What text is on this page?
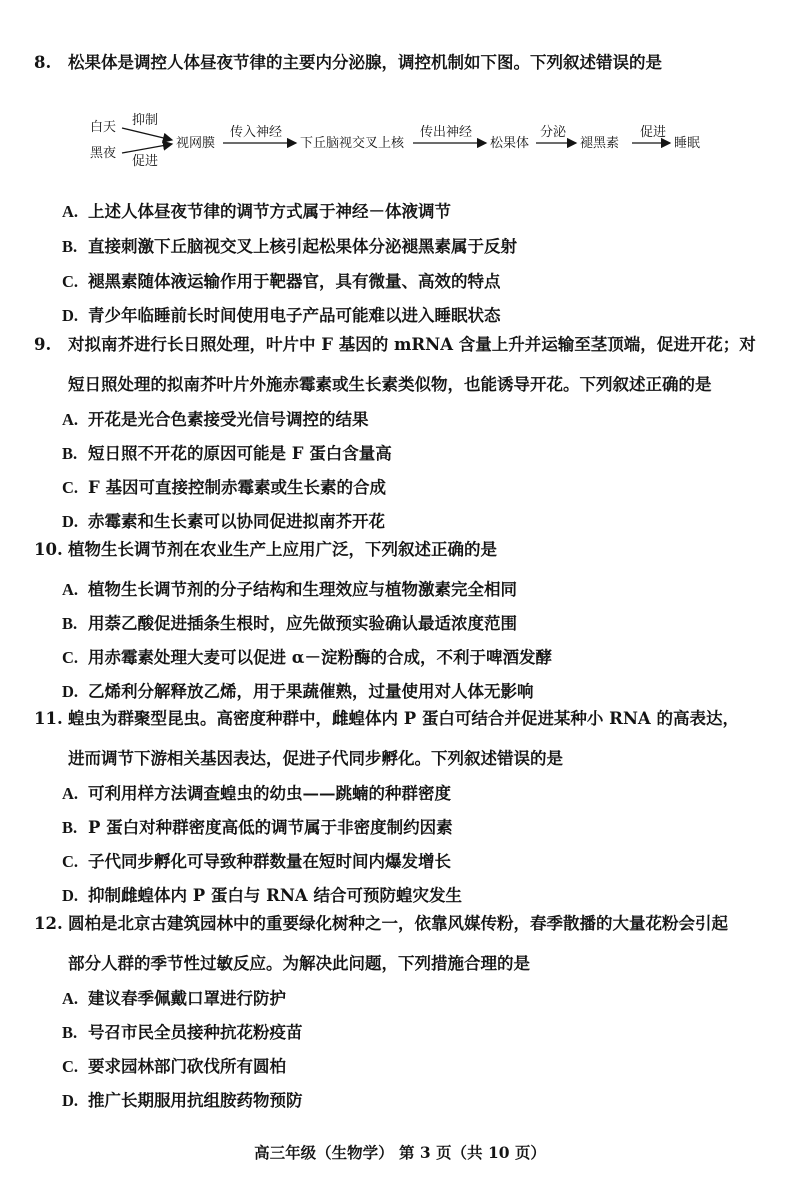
8. 松果体是调控人体昼夜节律的主要内分泌腺，调控机制如下图。下列叙述错误的是
白天
黑夜
抑制
促进
视网膜
传入神经
下丘脑视交叉上核
传出神经
松果体
分泌
褪黑素
促进
睡眠
A. 上述人体昼夜节律的调节方式属于神经－体液调节
B. 直接刺激下丘脑视交叉上核引起松果体分泌褪黑素属于反射
C. 褪黑素随体液运输作用于靶器官，具有微量、高效的特点
D. 青少年临睡前长时间使用电子产品可能难以进入睡眠状态
9. 对拟南芥进行长日照处理，叶片中 F 基因的 mRNA 含量上升并运输至茎顶端，促进开花；对
短日照处理的拟南芥叶片外施赤霉素或生长素类似物，也能诱导开花。下列叙述正确的是
A. 开花是光合色素接受光信号调控的结果
B. 短日照不开花的原因可能是 F 蛋白含量高
C. F 基因可直接控制赤霉素或生长素的合成
D. 赤霉素和生长素可以协同促进拟南芥开花
10. 植物生长调节剂在农业生产上应用广泛，下列叙述正确的是
A. 植物生长调节剂的分子结构和生理效应与植物激素完全相同
B. 用萘乙酸促进插条生根时，应先做预实验确认最适浓度范围
C. 用赤霉素处理大麦可以促进 α－淀粉酶的合成，不利于啤酒发酵
D. 乙烯利分解释放乙烯，用于果蔬催熟，过量使用对人体无影响
11. 蝗虫为群聚型昆虫。高密度种群中，雌蝗体内 P 蛋白可结合并促进某种小 RNA 的高表达，
进而调节下游相关基因表达，促进子代同步孵化。下列叙述错误的是
A. 可利用样方法调查蝗虫的幼虫——跳蝻的种群密度
B. P 蛋白对种群密度高低的调节属于非密度制约因素
C. 子代同步孵化可导致种群数量在短时间内爆发增长
D. 抑制雌蝗体内 P 蛋白与 RNA 结合可预防蝗灾发生
12. 圆柏是北京古建筑园林中的重要绿化树种之一，依靠风媒传粉，春季散播的大量花粉会引起
部分人群的季节性过敏反应。为解决此问题，下列措施合理的是
A. 建议春季佩戴口罩进行防护
B. 号召市民全员接种抗花粉疫苗
C. 要求园林部门砍伐所有圆柏
D. 推广长期服用抗组胺药物预防
高三年级（生物学） 第 3 页（共 10 页）
